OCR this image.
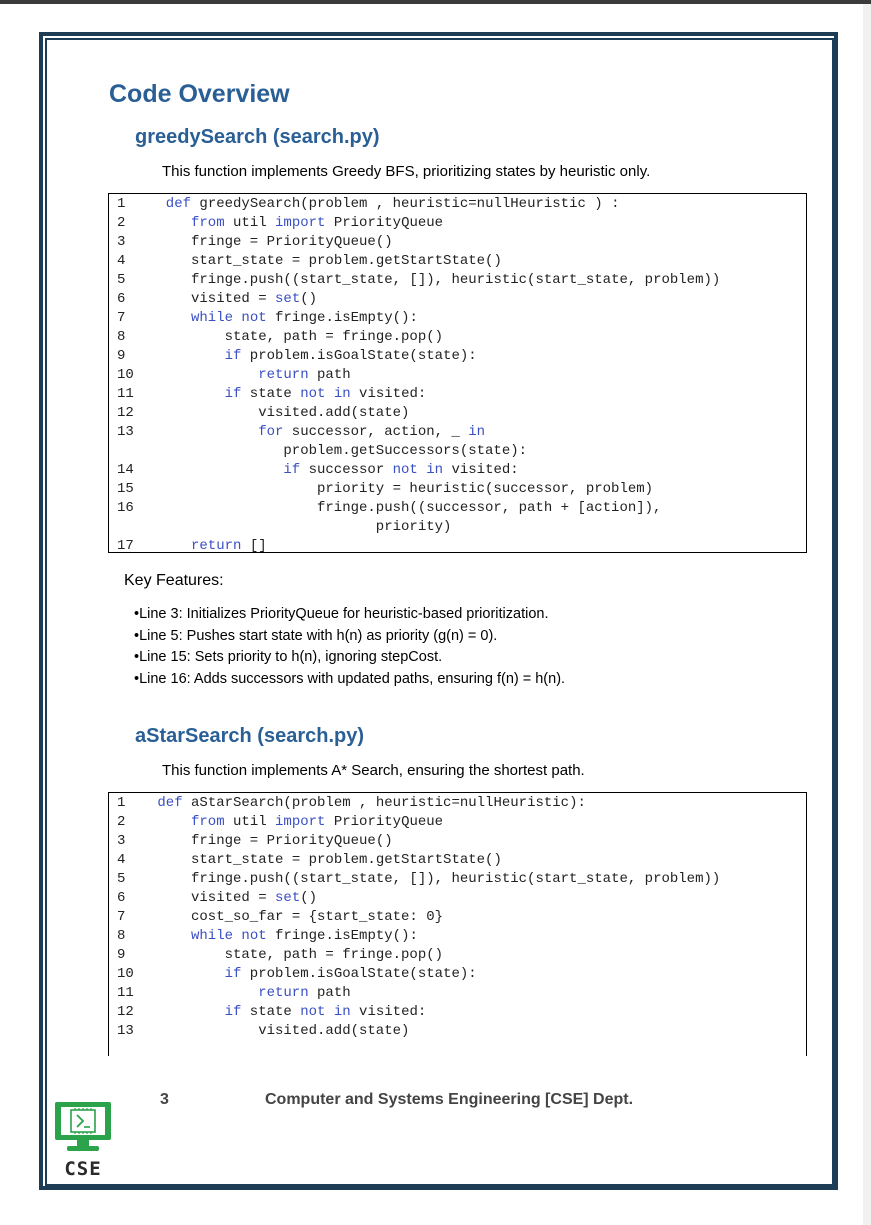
Code Overview
greedySearch (search.py)

This function implements Greedy BFS, prioritizing states by heuristic only.

1	def greedySearch(problem , heuristic=nullHeuristic ) :
2	from util import PriorityQueue
3	fringe = PriorityQueue()
4	start_state = problem.getStartState()
5	fringe.push((start_state, []), heuristic(start_state, problem))
6	visited = set()
7	while not fringe.isEmpty():
8	state, path = fringe.pop()
9	if problem.isGoalState(state):
10	return path
11	if state not in visited:
12	visited.add(state)
13	for successor, action, _ in
problem.getSuccessors(state):
14	if successor not in visited:
15	priority = heuristic(successor, problem)
16	fringe.push((successor, path + [action]),
priority)
17	return []

Key Features:

• Line 3: Initializes PriorityQueue for heuristic-based prioritization.
• Line 5: Pushes start state with h(n) as priority (g(n) = 0).
• Line 15: Sets priority to h(n), ignoring stepCost.
• Line 16: Adds successors with updated paths, ensuring f(n) = h(n).
aStarSearch (search.py)

This function implements A* Search, ensuring the shortest path.

1	def aStarSearch(problem , heuristic=nullHeuristic):
2	from util import PriorityQueue
3	fringe = PriorityQueue()
4	start_state = problem.getStartState()
5	fringe.push((start_state, []), heuristic(start_state, problem))
6	visited = set()
7	cost_so_far = {start_state: 0}
8	while not fringe.isEmpty():
9	state, path = fringe.pop()
10	if problem.isGoalState(state):
11	return path
12	if state not in visited:
13	visited.add(state)
3	Computer and Systems Engineering [CSE] Dept.
CSE
